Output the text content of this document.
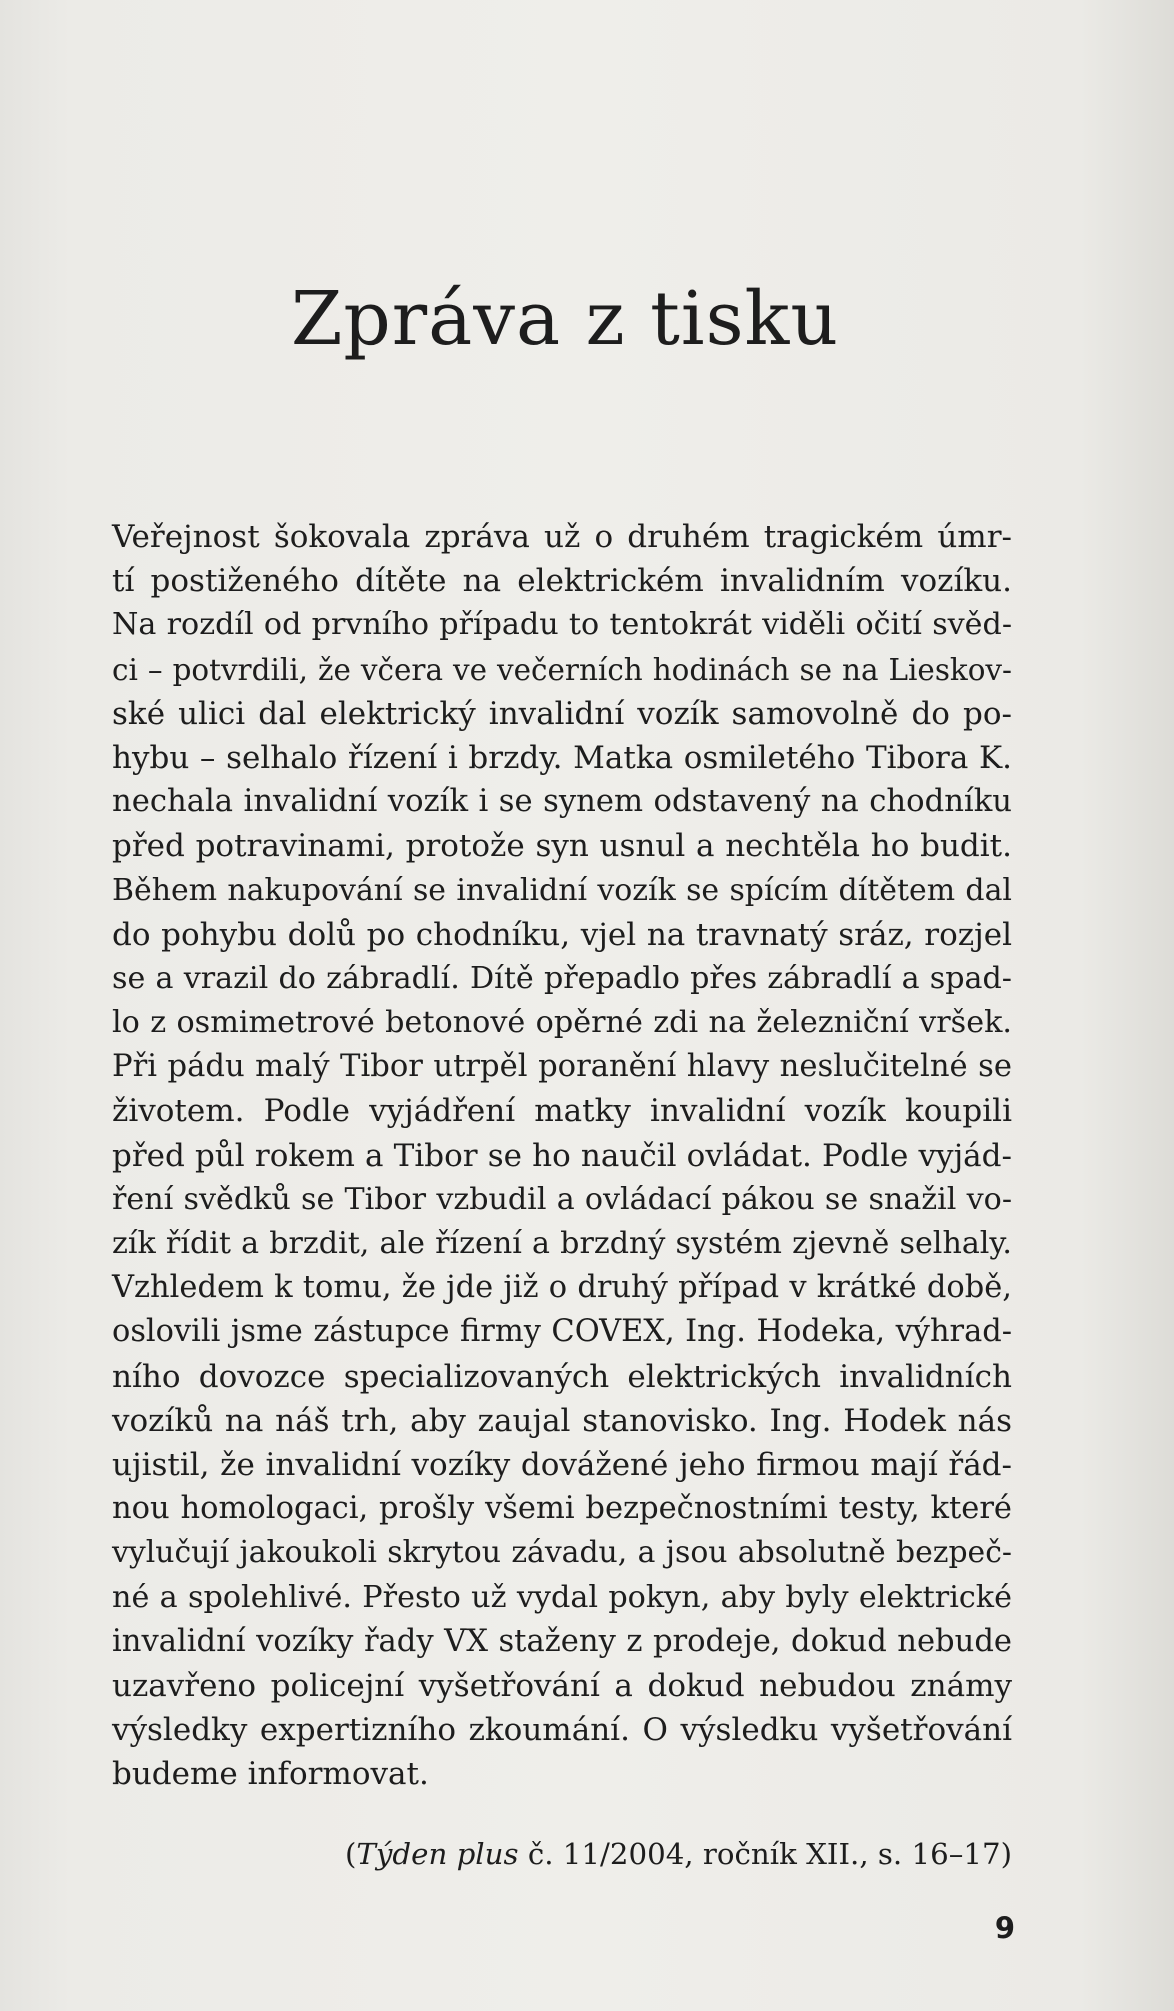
Zpráva z tisku
Veřejnost šokovala zpráva už o druhém tragickém úmr-
tí postiženého dítěte na elektrickém invalidním vozíku.
Na rozdíl od prvního případu to tentokrát viděli očití svěd-
ci – potvrdili, že včera ve večerních hodinách se na Lieskov-
ské ulici dal elektrický invalidní vozík samovolně do po-
hybu – selhalo řízení i brzdy. Matka osmiletého Tibora K.
nechala invalidní vozík i se synem odstavený na chodníku
před potravinami, protože syn usnul a nechtěla ho budit.
Během nakupování se invalidní vozík se spícím dítětem dal
do pohybu dolů po chodníku, vjel na travnatý sráz, rozjel
se a vrazil do zábradlí. Dítě přepadlo přes zábradlí a spad-
lo z osmimetrové betonové opěrné zdi na železniční vršek.
Při pádu malý Tibor utrpěl poranění hlavy neslučitelné se
životem. Podle vyjádření matky invalidní vozík koupili
před půl rokem a Tibor se ho naučil ovládat. Podle vyjád-
ření svědků se Tibor vzbudil a ovládací pákou se snažil vo-
zík řídit a brzdit, ale řízení a brzdný systém zjevně selhaly.
Vzhledem k tomu, že jde již o druhý případ v krátké době,
oslovili jsme zástupce firmy COVEX, Ing. Hodeka, výhrad-
ního dovozce specializovaných elektrických invalidních
vozíků na náš trh, aby zaujal stanovisko. Ing. Hodek nás
ujistil, že invalidní vozíky dovážené jeho firmou mají řád-
nou homologaci, prošly všemi bezpečnostními testy, které
vylučují jakoukoli skrytou závadu, a jsou absolutně bezpeč-
né a spolehlivé. Přesto už vydal pokyn, aby byly elektrické
invalidní vozíky řady VX staženy z prodeje, dokud nebude
uzavřeno policejní vyšetřování a dokud nebudou známy
výsledky expertizního zkoumání. O výsledku vyšetřování
budeme informovat.
(Týden plus č. 11/2004, ročník XII., s. 16–17)
9
